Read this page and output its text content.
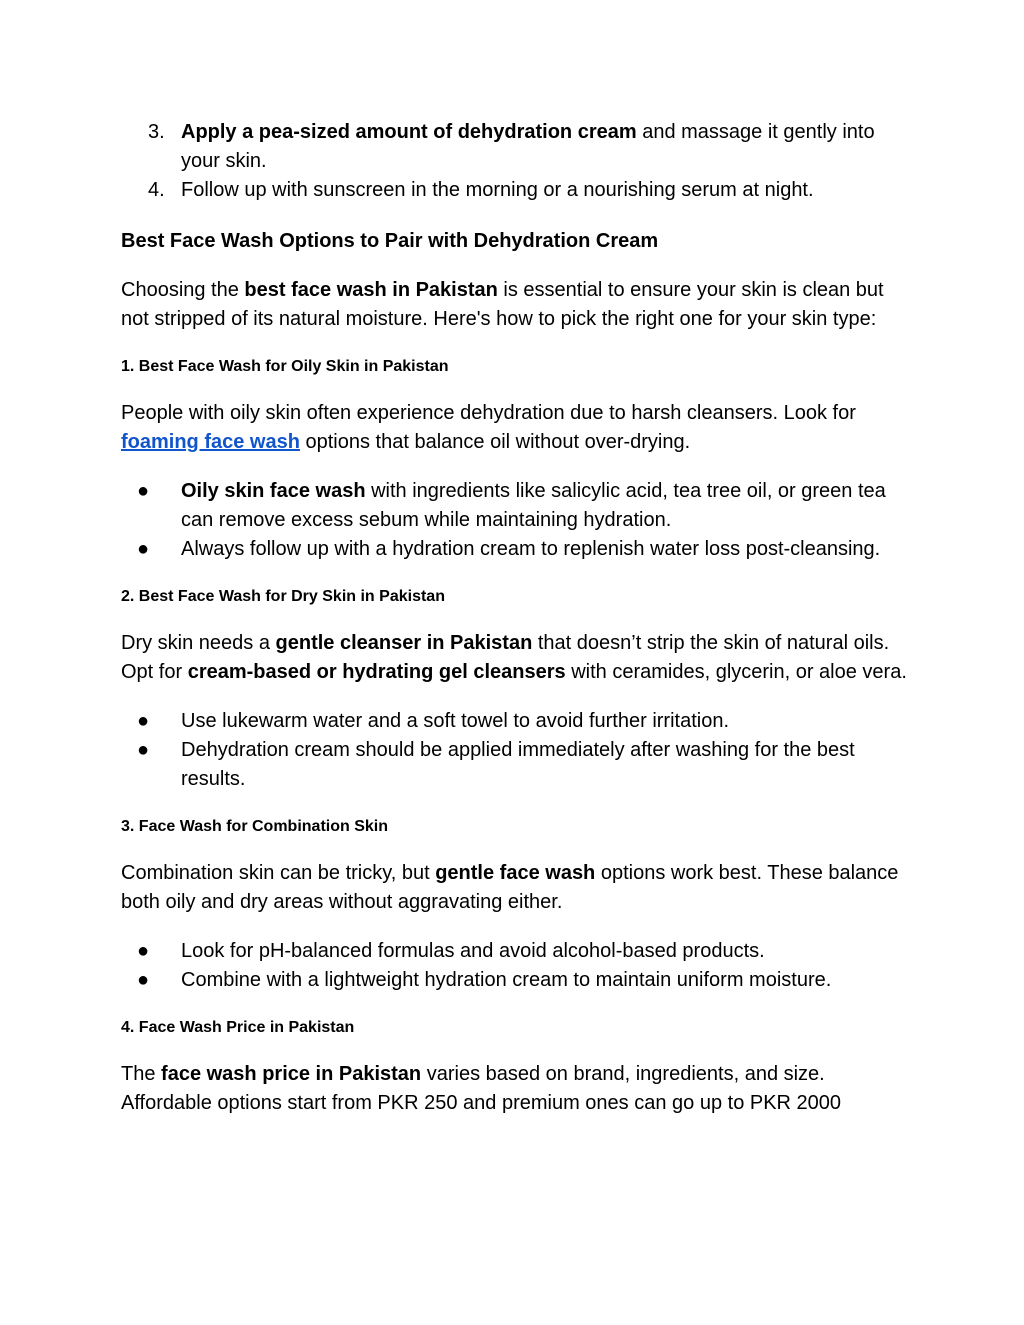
3. Apply a pea-sized amount of dehydration cream and massage it gently into your skin.
4. Follow up with sunscreen in the morning or a nourishing serum at night.
Best Face Wash Options to Pair with Dehydration Cream

Choosing the best face wash in Pakistan is essential to ensure your skin is clean but not stripped of its natural moisture. Here's how to pick the right one for your skin type:

1. Best Face Wash for Oily Skin in Pakistan

People with oily skin often experience dehydration due to harsh cleansers. Look for foaming face wash options that balance oil without over-drying.

● Oily skin face wash with ingredients like salicylic acid, tea tree oil, or green tea can remove excess sebum while maintaining hydration.
● Always follow up with a hydration cream to replenish water loss post-cleansing.
2. Best Face Wash for Dry Skin in Pakistan

Dry skin needs a gentle cleanser in Pakistan that doesn’t strip the skin of natural oils. Opt for cream-based or hydrating gel cleansers with ceramides, glycerin, or aloe vera.

● Use lukewarm water and a soft towel to avoid further irritation.
● Dehydration cream should be applied immediately after washing for the best results.
3. Face Wash for Combination Skin

Combination skin can be tricky, but gentle face wash options work best. These balance both oily and dry areas without aggravating either.

● Look for pH-balanced formulas and avoid alcohol-based products.
● Combine with a lightweight hydration cream to maintain uniform moisture.
4. Face Wash Price in Pakistan

The face wash price in Pakistan varies based on brand, ingredients, and size. Affordable options start from PKR 250 and premium ones can go up to PKR 2000
